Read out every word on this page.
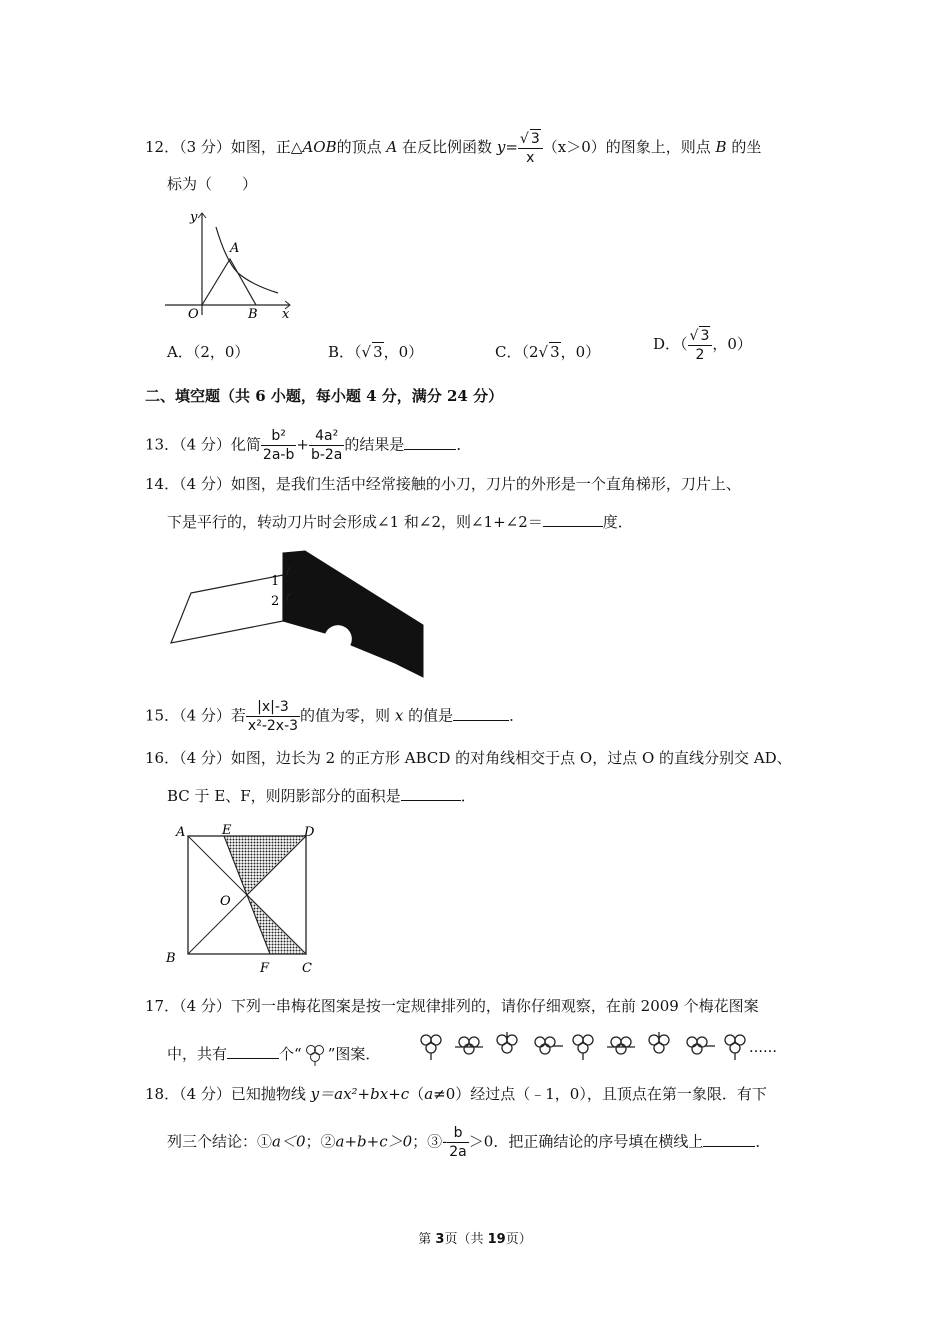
12．（3 分）如图，正△AOB的顶点 A 在反比例函数 $y= \frac{√ 3}{x} (x>0)$的图象上，则点 B 的坐
标为（　　）
y
A
O	B x
A．（2，0）	B．（√ 3，0）	C．（2√ 3，0）	D．（ $\frac{√ 3}{2}$ ，0）
二、填空题（共 6 小题，每小题 4 分，满分 24 分）
13．（4 分）化简 $\frac{\text{b²}}{2a-b} + \frac{\text{4a²}}{b-2a}$ 的结果是	．
14．（4 分）如图，是我们生活中经常接触的小刀，刀片的外形是一个直角梯形，刀片上、
下是平行的，转动刀片时会形成∠1 和∠2，则∠1+∠2＝	度．
1
2
15．（4 分）若 $\frac{|x|-3}{\text{x²-2x-3}}$ 的值为零，则 x 的值是	．
16．（4 分）如图，边长为 2 的正方形 ABCD 的对角线相交于点 O，过点 O 的直线分别交 AD、
BC 于 E、F，则阴影部分的面积是	．
A	E	D
O
B
F	C
17．（4 分）下列一串梅花图案是按一定规律排列的，请你仔细观察，在前 2009 个梅花图案
中，共有	个“ ”图案．	……
18．（4 分）已知抛物线 y＝ax²+bx+c（a≠0）经过点（﹣1，0），且顶点在第一象限．有下
列三个结论：①a＜0；②a+b+c＞0；③- $\frac{b}{2a} >0$．把正确结论的序号填在横线上	．
第 3页（共 19页）
